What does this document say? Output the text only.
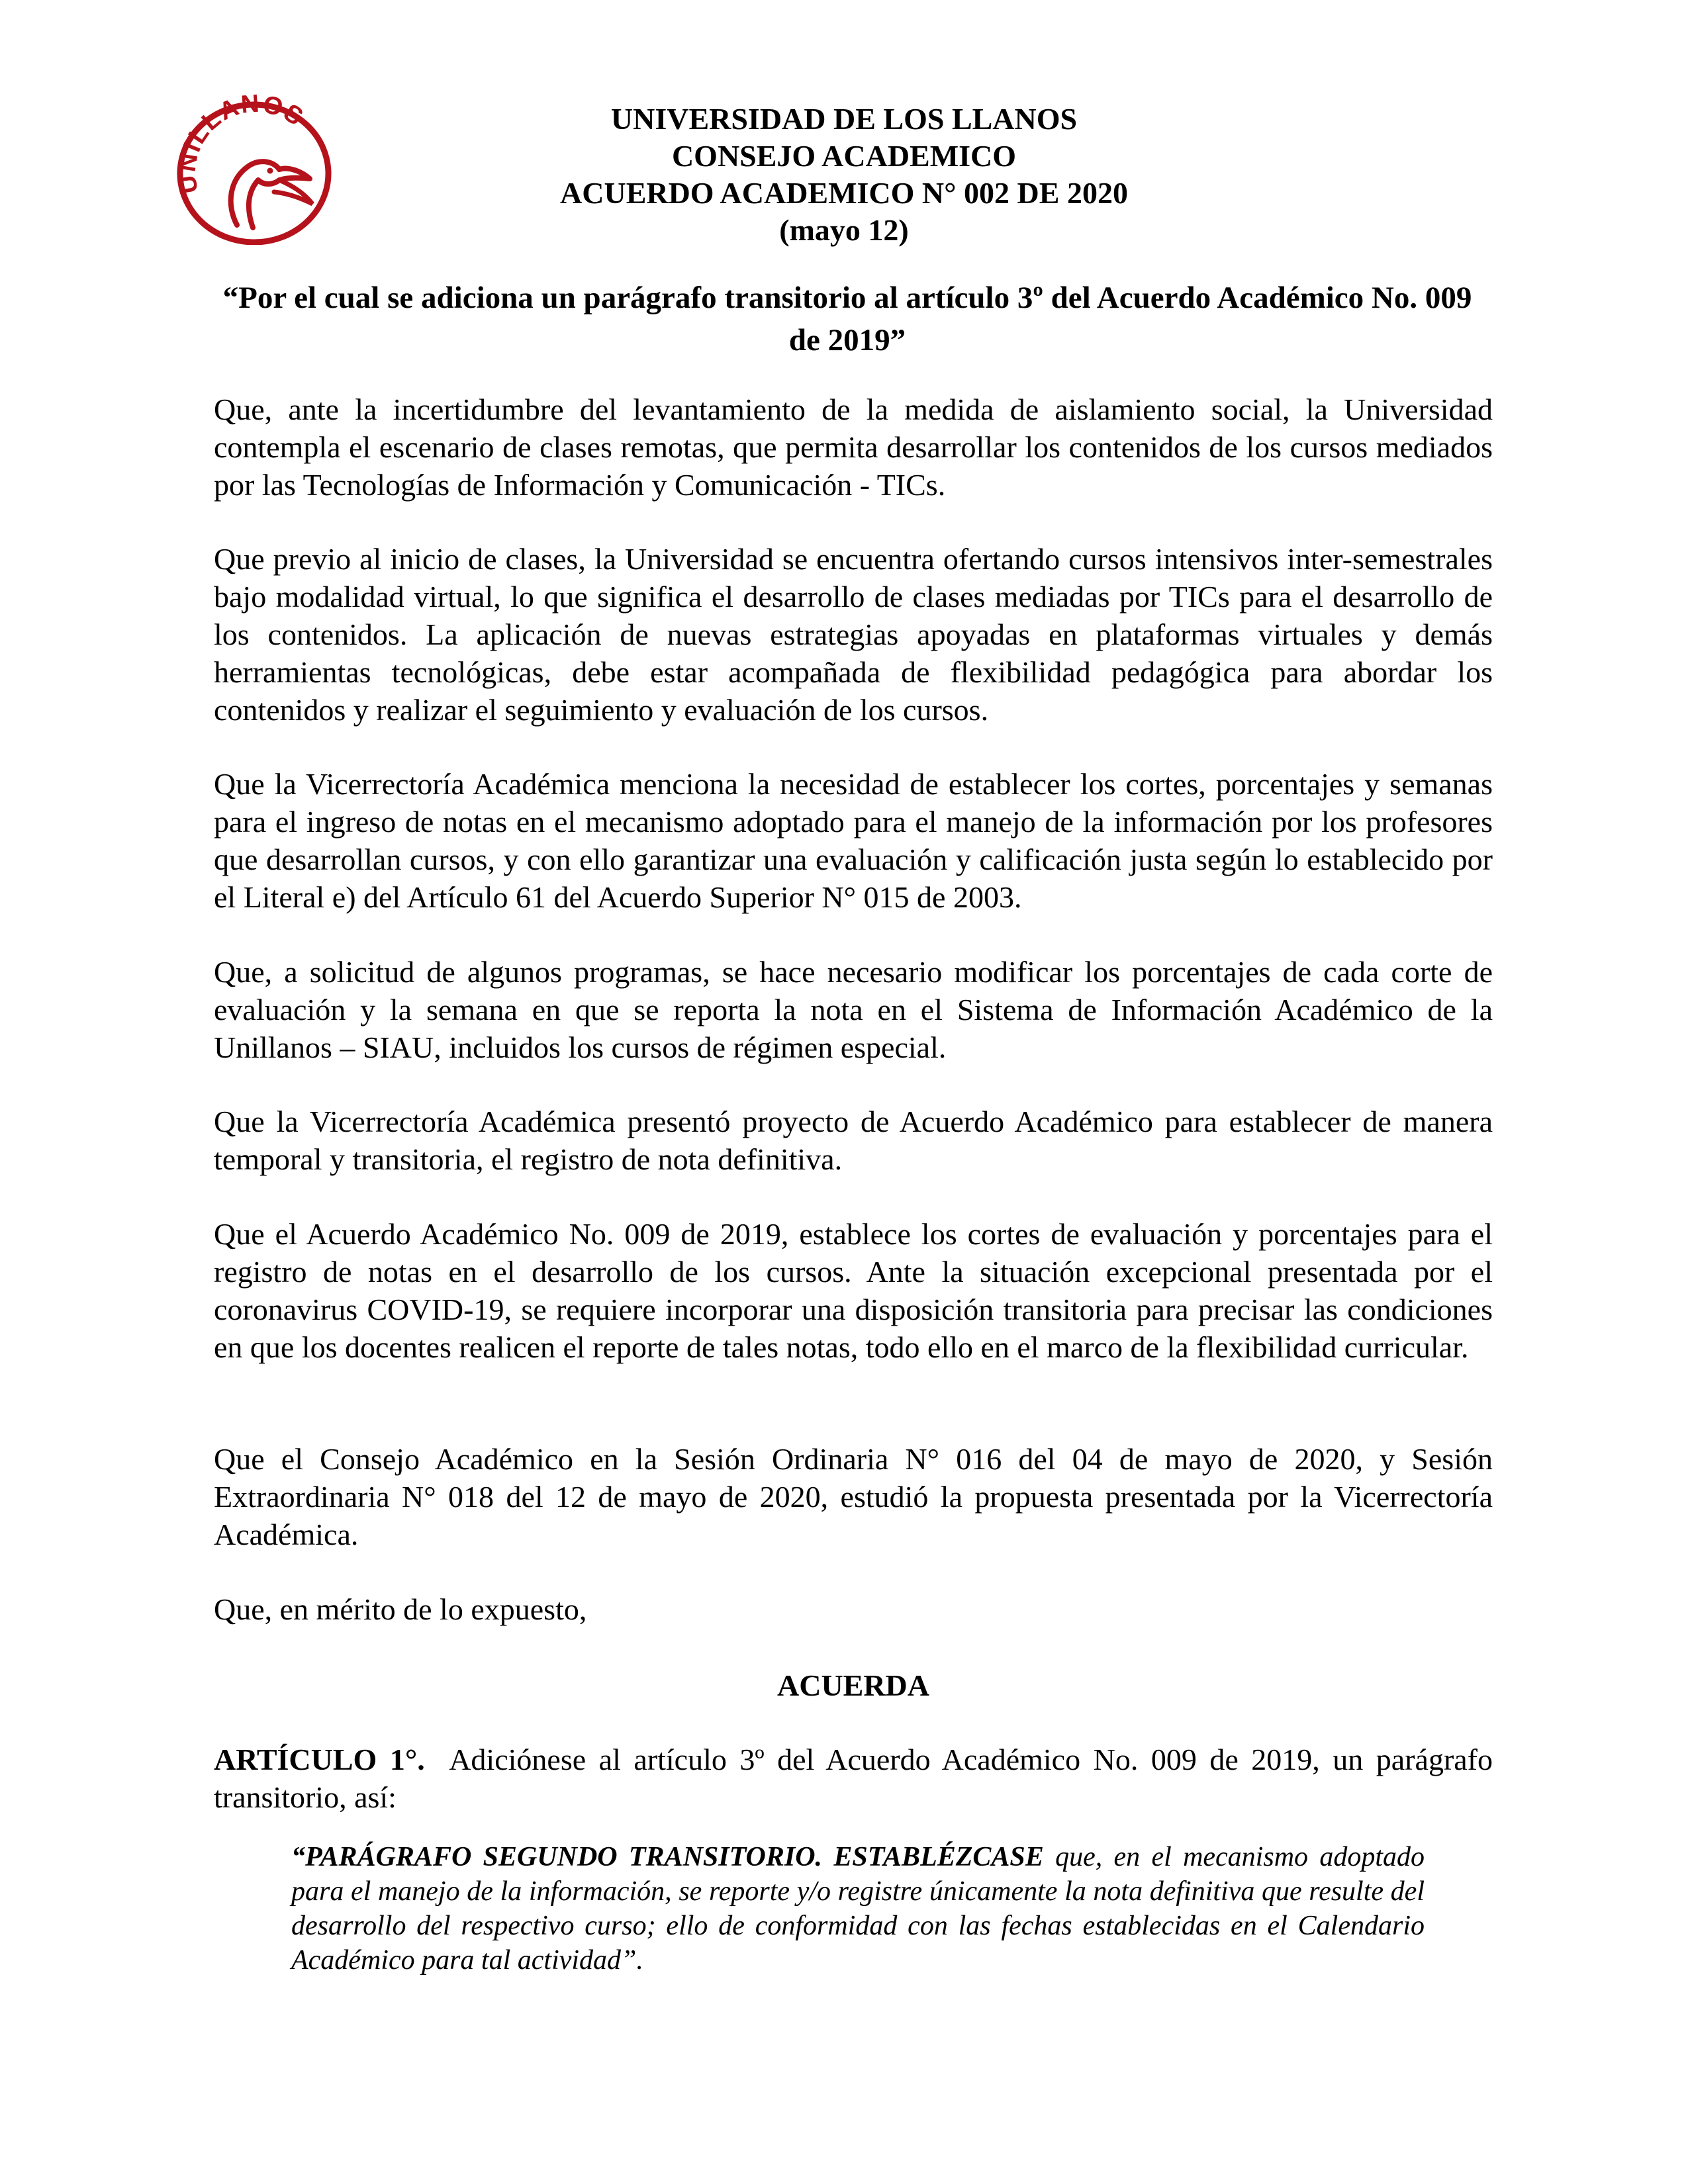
UNILLANOS	UNIVERSIDAD DE LOS LLANOS
CONSEJO ACADEMICO
ACUERDO ACADEMICO N° 002 DE 2020
(mayo 12)
“Por el cual se adiciona un parágrafo transitorio al artículo 3º del Acuerdo Académico No. 009 de 2019”
Que, ante la incertidumbre del levantamiento de la medida de aislamiento social, la Universidad contempla el escenario de clases remotas, que permita desarrollar los contenidos de los cursos mediados por las Tecnologías de Información y Comunicación - TICs.
Que previo al inicio de clases, la Universidad se encuentra ofertando cursos intensivos inter-semestrales bajo modalidad virtual, lo que significa el desarrollo de clases mediadas por TICs para el desarrollo de los contenidos. La aplicación de nuevas estrategias apoyadas en plataformas virtuales y demás herramientas tecnológicas, debe estar acompañada de flexibilidad pedagógica para abordar los contenidos y realizar el seguimiento y evaluación de los cursos.
Que la Vicerrectoría Académica menciona la necesidad de establecer los cortes, porcentajes y semanas para el ingreso de notas en el mecanismo adoptado para el manejo de la información por los profesores que desarrollan cursos, y con ello garantizar una evaluación y calificación justa según lo establecido por el Literal e) del Artículo 61 del Acuerdo Superior N° 015 de 2003.
Que, a solicitud de algunos programas, se hace necesario modificar los porcentajes de cada corte de evaluación y la semana en que se reporta la nota en el Sistema de Información Académico de la Unillanos – SIAU, incluidos los cursos de régimen especial.
Que la Vicerrectoría Académica presentó proyecto de Acuerdo Académico para establecer de manera temporal y transitoria, el registro de nota definitiva.
Que el Acuerdo Académico No. 009 de 2019, establece los cortes de evaluación y porcentajes para el registro de notas en el desarrollo de los cursos. Ante la situación excepcional presentada por el coronavirus COVID-19, se requiere incorporar una disposición transitoria para precisar las condiciones en que los docentes realicen el reporte de tales notas, todo ello en el marco de la flexibilidad curricular.
Que el Consejo Académico en la Sesión Ordinaria N° 016 del 04 de mayo de 2020, y Sesión Extraordinaria N° 018 del 12 de mayo de 2020, estudió la propuesta presentada por la Vicerrectoría Académica.
Que, en mérito de lo expuesto,
ACUERDA
ARTÍCULO 1°. Adiciónese al artículo 3º del Acuerdo Académico No. 009 de 2019, un parágrafo transitorio, así:
“PARÁGRAFO SEGUNDO TRANSITORIO. ESTABLÉZCASE que, en el mecanismo adoptado para el manejo de la información, se reporte y/o registre únicamente la nota definitiva que resulte del desarrollo del respectivo curso; ello de conformidad con las fechas establecidas en el Calendario Académico para tal actividad”.
